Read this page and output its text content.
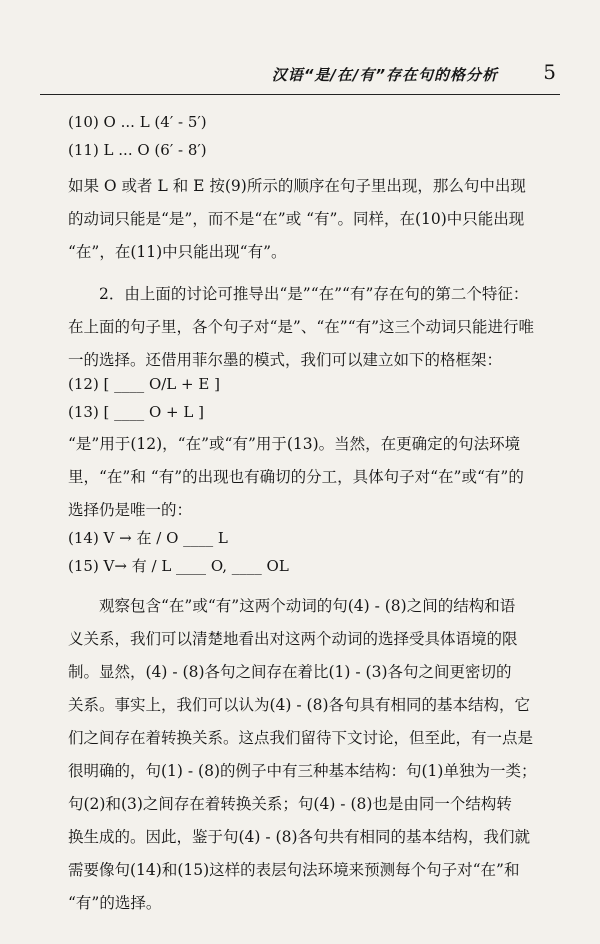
汉语“是/在/有”存在句的格分析 5
(10) O ... L (4′ - 5′)
(11) L ... O (6′ - 8′)
如果 O 或者 L 和 E 按(9)所示的顺序在句子里出现，那么句中出现
的动词只能是“是”，而不是“在”或 “有”。同样，在(10)中只能出现
“在”，在(11)中只能出现“有”。
2．由上面的讨论可推导出“是”“在”“有”存在句的第二个特征：
在上面的句子里，各个句子对“是”、“在”“有”这三个动词只能进行唯
一的选择。还借用菲尔墨的模式，我们可以建立如下的格框架：
(12) [ ____ O/L + E ]
(13) [ ____ O + L ]
“是”用于(12)，“在”或“有”用于(13)。当然，在更确定的句法环境
里，“在”和 “有”的出现也有确切的分工，具体句子对“在”或“有”的
选择仍是唯一的：
(14) V → 在 / O ____ L
(15) V→ 有 / L ____ O, ____ OL
观察包含“在”或“有”这两个动词的句(4) - (8)之间的结构和语
义关系，我们可以清楚地看出对这两个动词的选择受具体语境的限
制。显然，(4) - (8)各句之间存在着比(1) - (3)各句之间更密切的
关系。事实上，我们可以认为(4) - (8)各句具有相同的基本结构，它
们之间存在着转换关系。这点我们留待下文讨论，但至此，有一点是
很明确的，句(1) - (8)的例子中有三种基本结构：句(1)单独为一类；
句(2)和(3)之间存在着转换关系；句(4) - (8)也是由同一个结构转
换生成的。因此，鉴于句(4) - (8)各句共有相同的基本结构，我们就
需要像句(14)和(15)这样的表层句法环境来预测每个句子对“在”和
“有”的选择。
